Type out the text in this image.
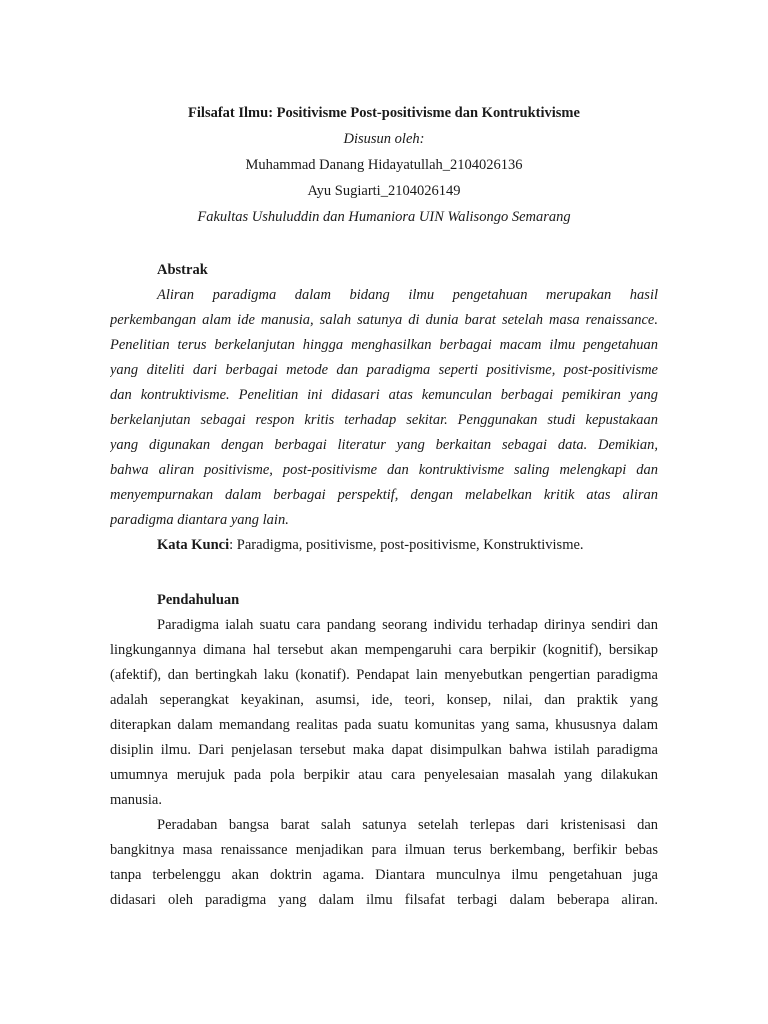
Filsafat Ilmu: Positivisme Post-positivisme dan Kontruktivisme
Disusun oleh:
Muhammad Danang Hidayatullah_2104026136
Ayu Sugiarti_2104026149
Fakultas Ushuluddin dan Humaniora UIN Walisongo Semarang
Abstrak
Aliran paradigma dalam bidang ilmu pengetahuan merupakan hasil
perkembangan alam ide manusia, salah satunya di dunia barat setelah masa renaissance.
Penelitian terus berkelanjutan hingga menghasilkan berbagai macam ilmu pengetahuan
yang diteliti dari berbagai metode dan paradigma seperti positivisme, post-positivisme
dan kontruktivisme. Penelitian ini didasari atas kemunculan berbagai pemikiran yang
berkelanjutan sebagai respon kritis terhadap sekitar. Penggunakan studi kepustakaan
yang digunakan dengan berbagai literatur yang berkaitan sebagai data. Demikian,
bahwa aliran positivisme, post-positivisme dan kontruktivisme saling melengkapi dan
menyempurnakan dalam berbagai perspektif, dengan melabelkan kritik atas aliran
paradigma diantara yang lain.
Kata Kunci: Paradigma, positivisme, post-positivisme, Konstruktivisme.
Pendahuluan
Paradigma ialah suatu cara pandang seorang individu terhadap dirinya sendiri dan
lingkungannya dimana hal tersebut akan mempengaruhi cara berpikir (kognitif), bersikap
(afektif), dan bertingkah laku (konatif). Pendapat lain menyebutkan pengertian paradigma
adalah seperangkat keyakinan, asumsi, ide, teori, konsep, nilai, dan praktik yang
diterapkan dalam memandang realitas pada suatu komunitas yang sama, khususnya dalam
disiplin ilmu. Dari penjelasan tersebut maka dapat disimpulkan bahwa istilah paradigma
umumnya merujuk pada pola berpikir atau cara penyelesaian masalah yang dilakukan
manusia.
Peradaban bangsa barat salah satunya setelah terlepas dari kristenisasi dan
bangkitnya masa renaissance menjadikan para ilmuan terus berkembang, berfikir bebas
tanpa terbelenggu akan doktrin agama. Diantara munculnya ilmu pengetahuan juga
didasari oleh paradigma yang dalam ilmu filsafat terbagi dalam beberapa aliran.
